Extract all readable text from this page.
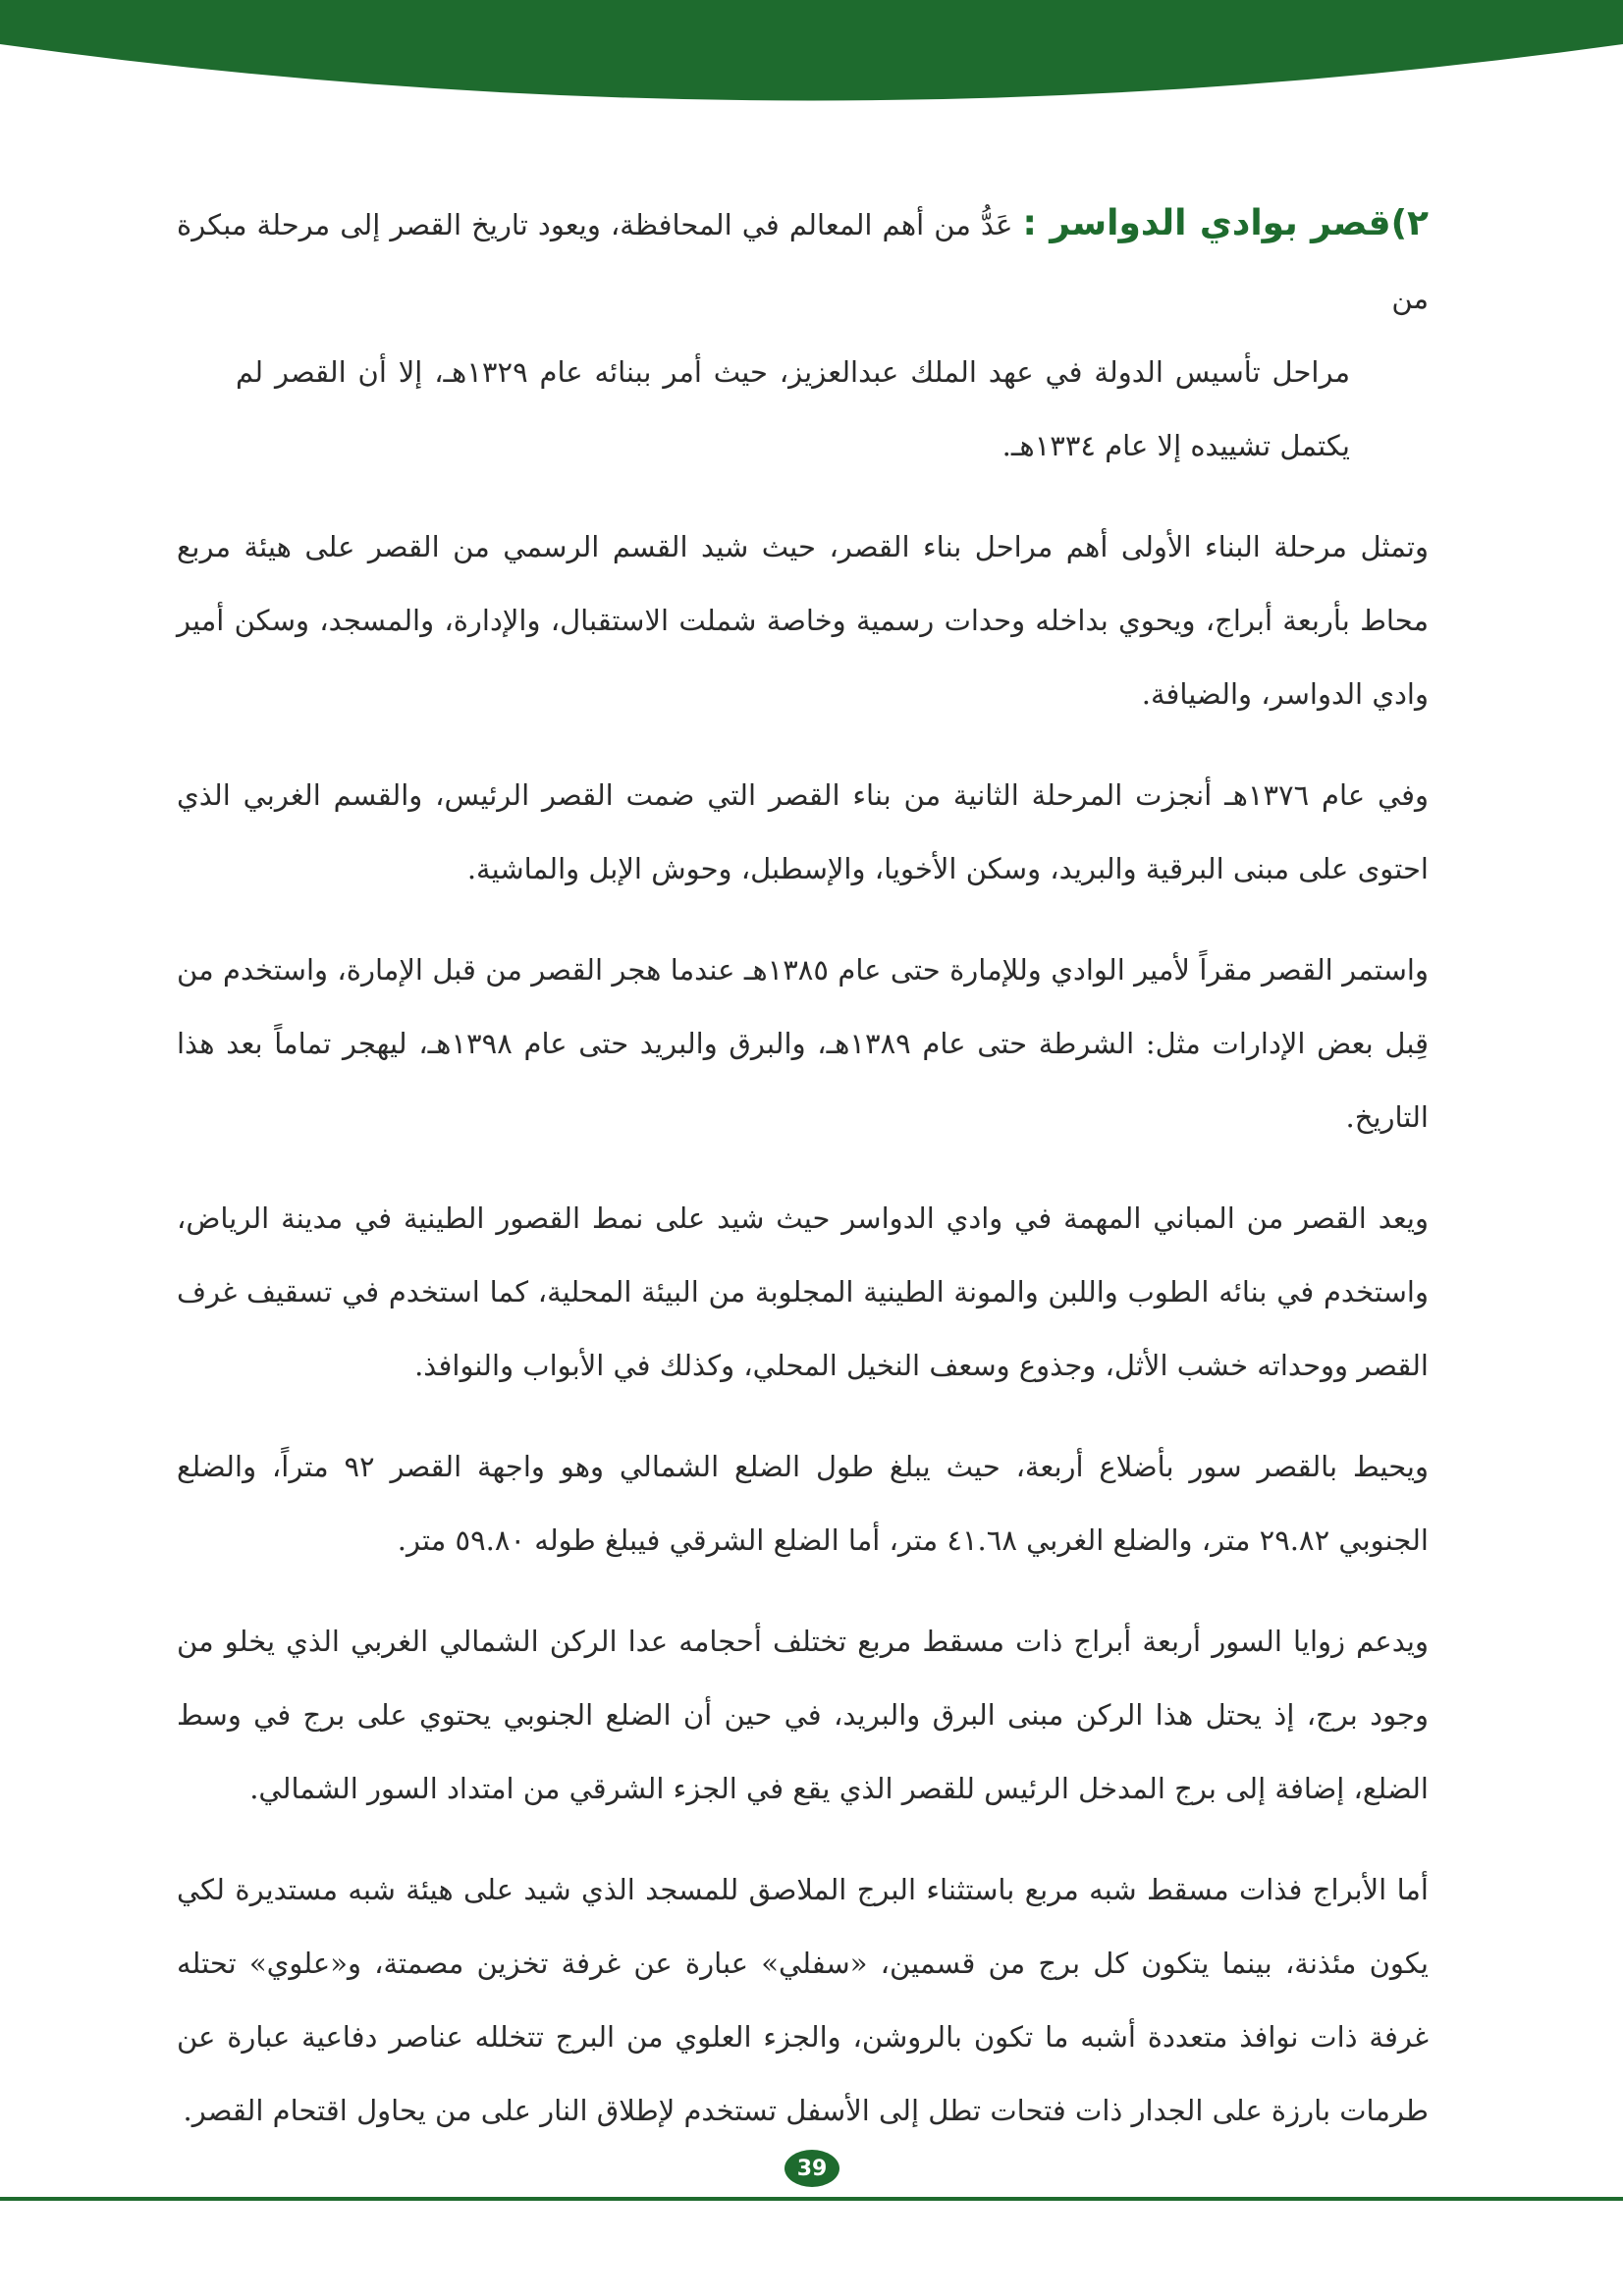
٢)قصر بوادي الدواسر : عَدُّ من أهم المعالم في المحافظة، ويعود تاريخ القصر إلى مرحلة مبكرة من
مراحل تأسيس الدولة في عهد الملك عبدالعزيز، حيث أمر ببنائه عام ١٣٢٩هـ، إلا أن القصر لم يكتمل تشييده إلا عام ١٣٣٤هـ.

وتمثل مرحلة البناء الأولى أهم مراحل بناء القصر، حيث شيد القسم الرسمي من القصر على هيئة مربع محاط بأربعة أبراج، ويحوي بداخله وحدات رسمية وخاصة شملت الاستقبال، والإدارة، والمسجد، وسكن أمير وادي الدواسر، والضيافة.

وفي عام ١٣٧٦هـ أنجزت المرحلة الثانية من بناء القصر التي ضمت القصر الرئيس، والقسم الغربي الذي احتوى على مبنى البرقية والبريد، وسكن الأخويا، والإسطبل، وحوش الإبل والماشية.

واستمر القصر مقراً لأمير الوادي وللإمارة حتى عام ١٣٨٥هـ عندما هجر القصر من قبل الإمارة، واستخدم من قِبل بعض الإدارات مثل: الشرطة حتى عام ١٣٨٩هـ، والبرق والبريد حتى عام ١٣٩٨هـ، ليهجر تماماً بعد هذا التاريخ.

ويعد القصر من المباني المهمة في وادي الدواسر حيث شيد على نمط القصور الطينية في مدينة الرياض، واستخدم في بنائه الطوب واللبن والمونة الطينية المجلوبة من البيئة المحلية، كما استخدم في تسقيف غرف القصر ووحداته خشب الأثل، وجذوع وسعف النخيل المحلي، وكذلك في الأبواب والنوافذ.

ويحيط بالقصر سور بأضلاع أربعة، حيث يبلغ طول الضلع الشمالي وهو واجهة القصر ٩٢ متراً، والضلع الجنوبي ٢٩.٨٢ متر، والضلع الغربي ٤١.٦٨ متر، أما الضلع الشرقي فيبلغ طوله ٥٩.٨٠ متر.

ويدعم زوايا السور أربعة أبراج ذات مسقط مربع تختلف أحجامه عدا الركن الشمالي الغربي الذي يخلو من وجود برج، إذ يحتل هذا الركن مبنى البرق والبريد، في حين أن الضلع الجنوبي يحتوي على برج في وسط الضلع، إضافة إلى برج المدخل الرئيس للقصر الذي يقع في الجزء الشرقي من امتداد السور الشمالي.

أما الأبراج فذات مسقط شبه مربع باستثناء البرج الملاصق للمسجد الذي شيد على هيئة شبه مستديرة لكي يكون مئذنة، بينما يتكون كل برج من قسمين، «سفلي» عبارة عن غرفة تخزين مصمتة، و«علوي» تحتله غرفة ذات نوافذ متعددة أشبه ما تكون بالروشن، والجزء العلوي من البرج تتخلله عناصر دفاعية عبارة عن طرمات بارزة على الجدار ذات فتحات تطل إلى الأسفل تستخدم لإطلاق النار على من يحاول اقتحام القصر.

39
